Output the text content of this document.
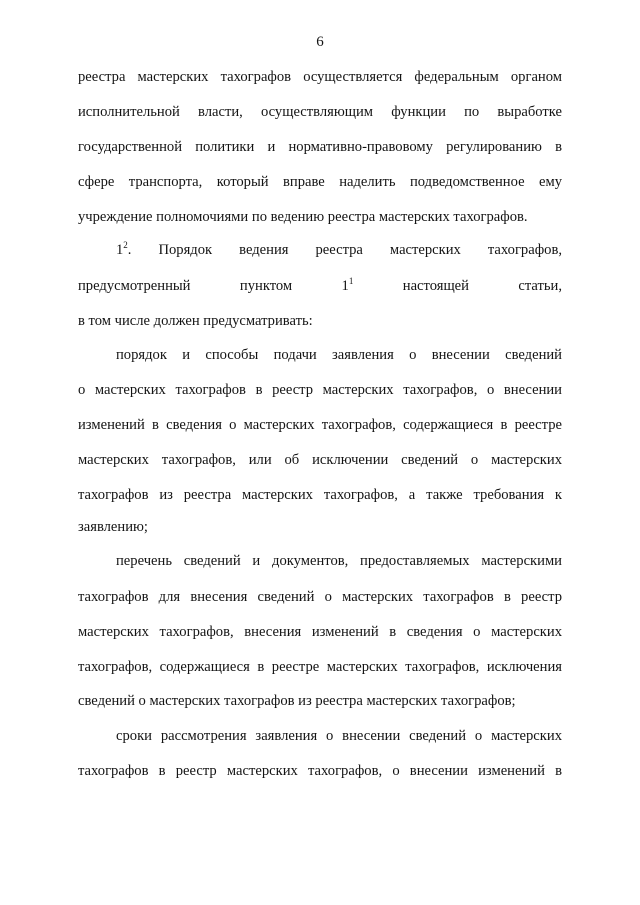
6
реестра мастерских тахографов осуществляется федеральным органом
исполнительной власти, осуществляющим функции по выработке
государственной политики и нормативно-правовому регулированию в
сфере транспорта, который вправе наделить подведомственное ему
учреждение полномочиями по ведению реестра мастерских тахографов.
$1^2$. Порядок ведения реестра мастерских тахографов,
предусмотренный пунктом $1^1$ настоящей статьи,
в том числе должен предусматривать:
порядок и способы подачи заявления о внесении сведений
о мастерских тахографов в реестр мастерских тахографов, о внесении
изменений в сведения о мастерских тахографов, содержащиеся в реестре
мастерских тахографов, или об исключении сведений о мастерских
тахографов из реестра мастерских тахографов, а также требования к
заявлению;
перечень сведений и документов, предоставляемых мастерскими
тахографов для внесения сведений о мастерских тахографов в реестр
мастерских тахографов, внесения изменений в сведения о мастерских
тахографов, содержащиеся в реестре мастерских тахографов, исключения
сведений о мастерских тахографов из реестра мастерских тахографов;
сроки рассмотрения заявления о внесении сведений о мастерских
тахографов в реестр мастерских тахографов, о внесении изменений в
